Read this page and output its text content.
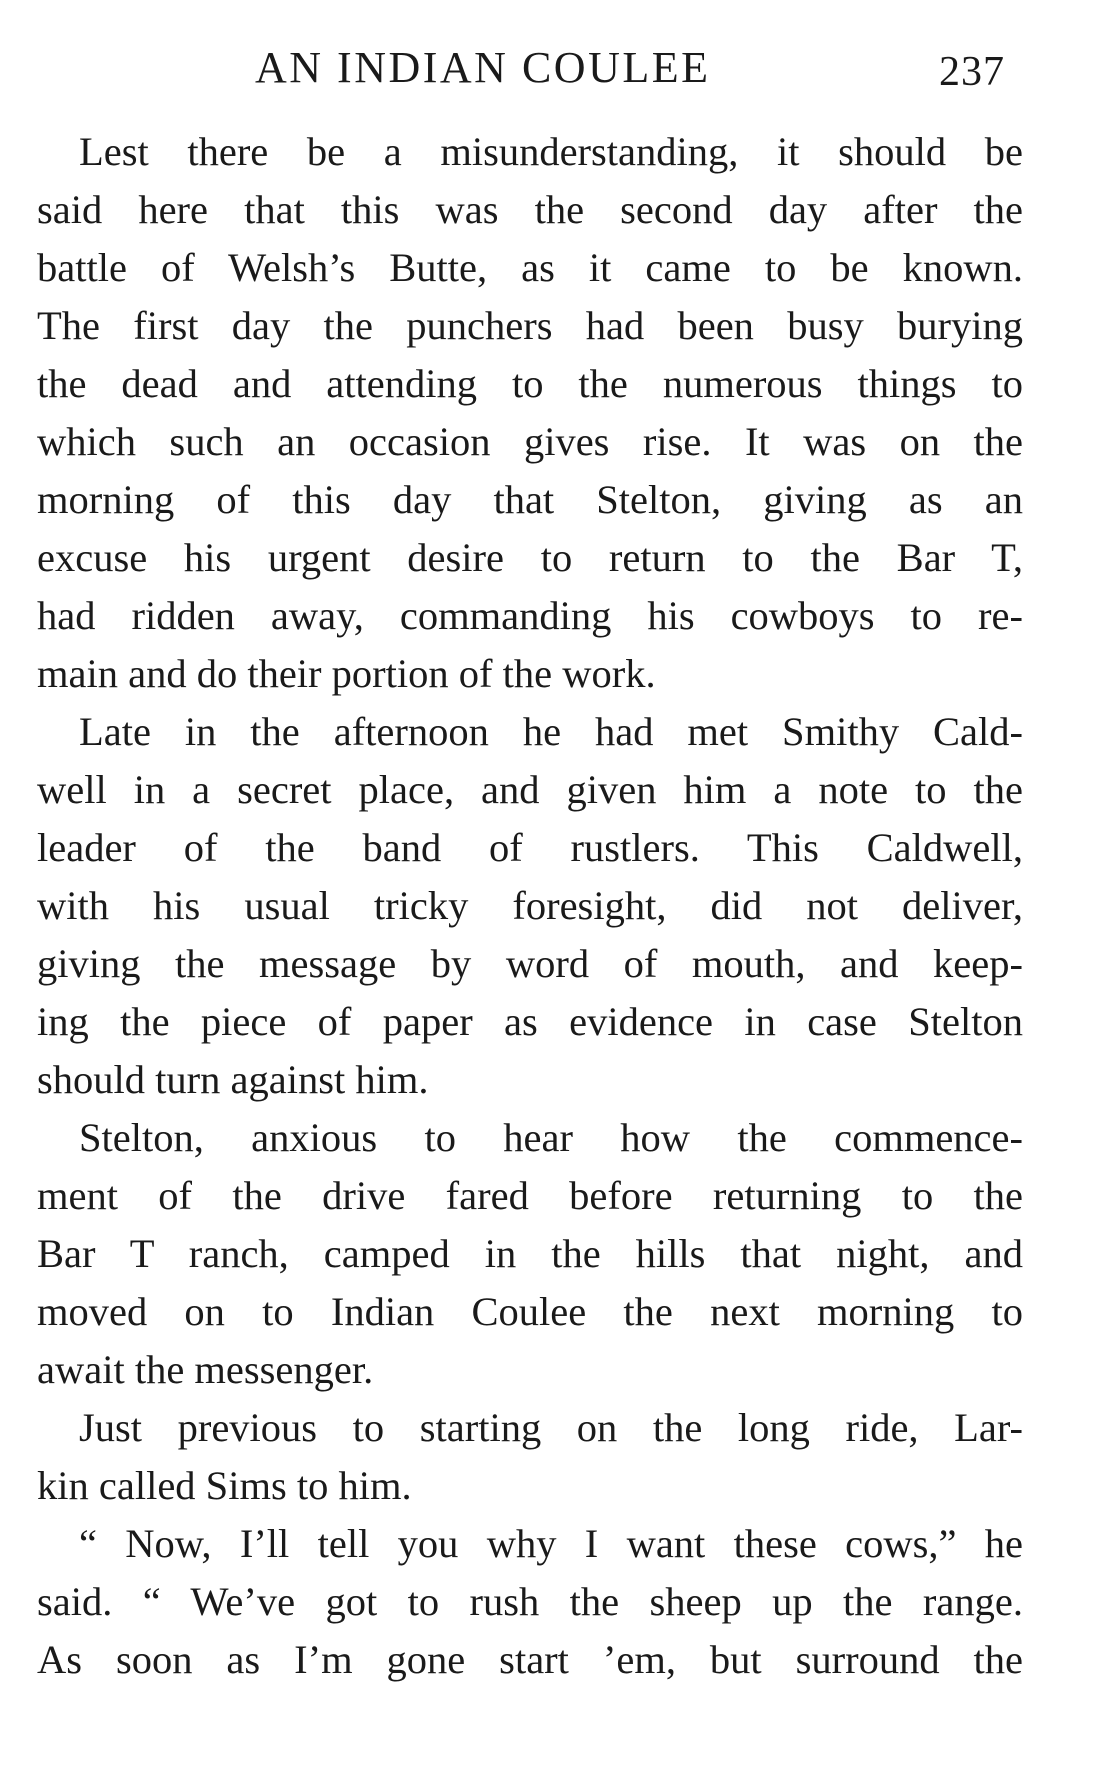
AN INDIAN COULEE	237
Lest there be a misunderstanding, it should be
said here that this was the second day after the
battle of Welsh’s Butte, as it came to be known.
The first day the punchers had been busy burying
the dead and attending to the numerous things to
which such an occasion gives rise. It was on the
morning of this day that Stelton, giving as an
excuse his urgent desire to return to the Bar T,
had ridden away, commanding his cowboys to re-
main and do their portion of the work.
Late in the afternoon he had met Smithy Cald-
well in a secret place, and given him a note to the
leader of the band of rustlers. This Caldwell,
with his usual tricky foresight, did not deliver,
giving the message by word of mouth, and keep-
ing the piece of paper as evidence in case Stelton
should turn against him.
Stelton, anxious to hear how the commence-
ment of the drive fared before returning to the
Bar T ranch, camped in the hills that night, and
moved on to Indian Coulee the next morning to
await the messenger.
Just previous to starting on the long ride, Lar-
kin called Sims to him.
“ Now, I’ll tell you why I want these cows,” he
said. “ We’ve got to rush the sheep up the range.
As soon as I’m gone start ’em, but surround the
